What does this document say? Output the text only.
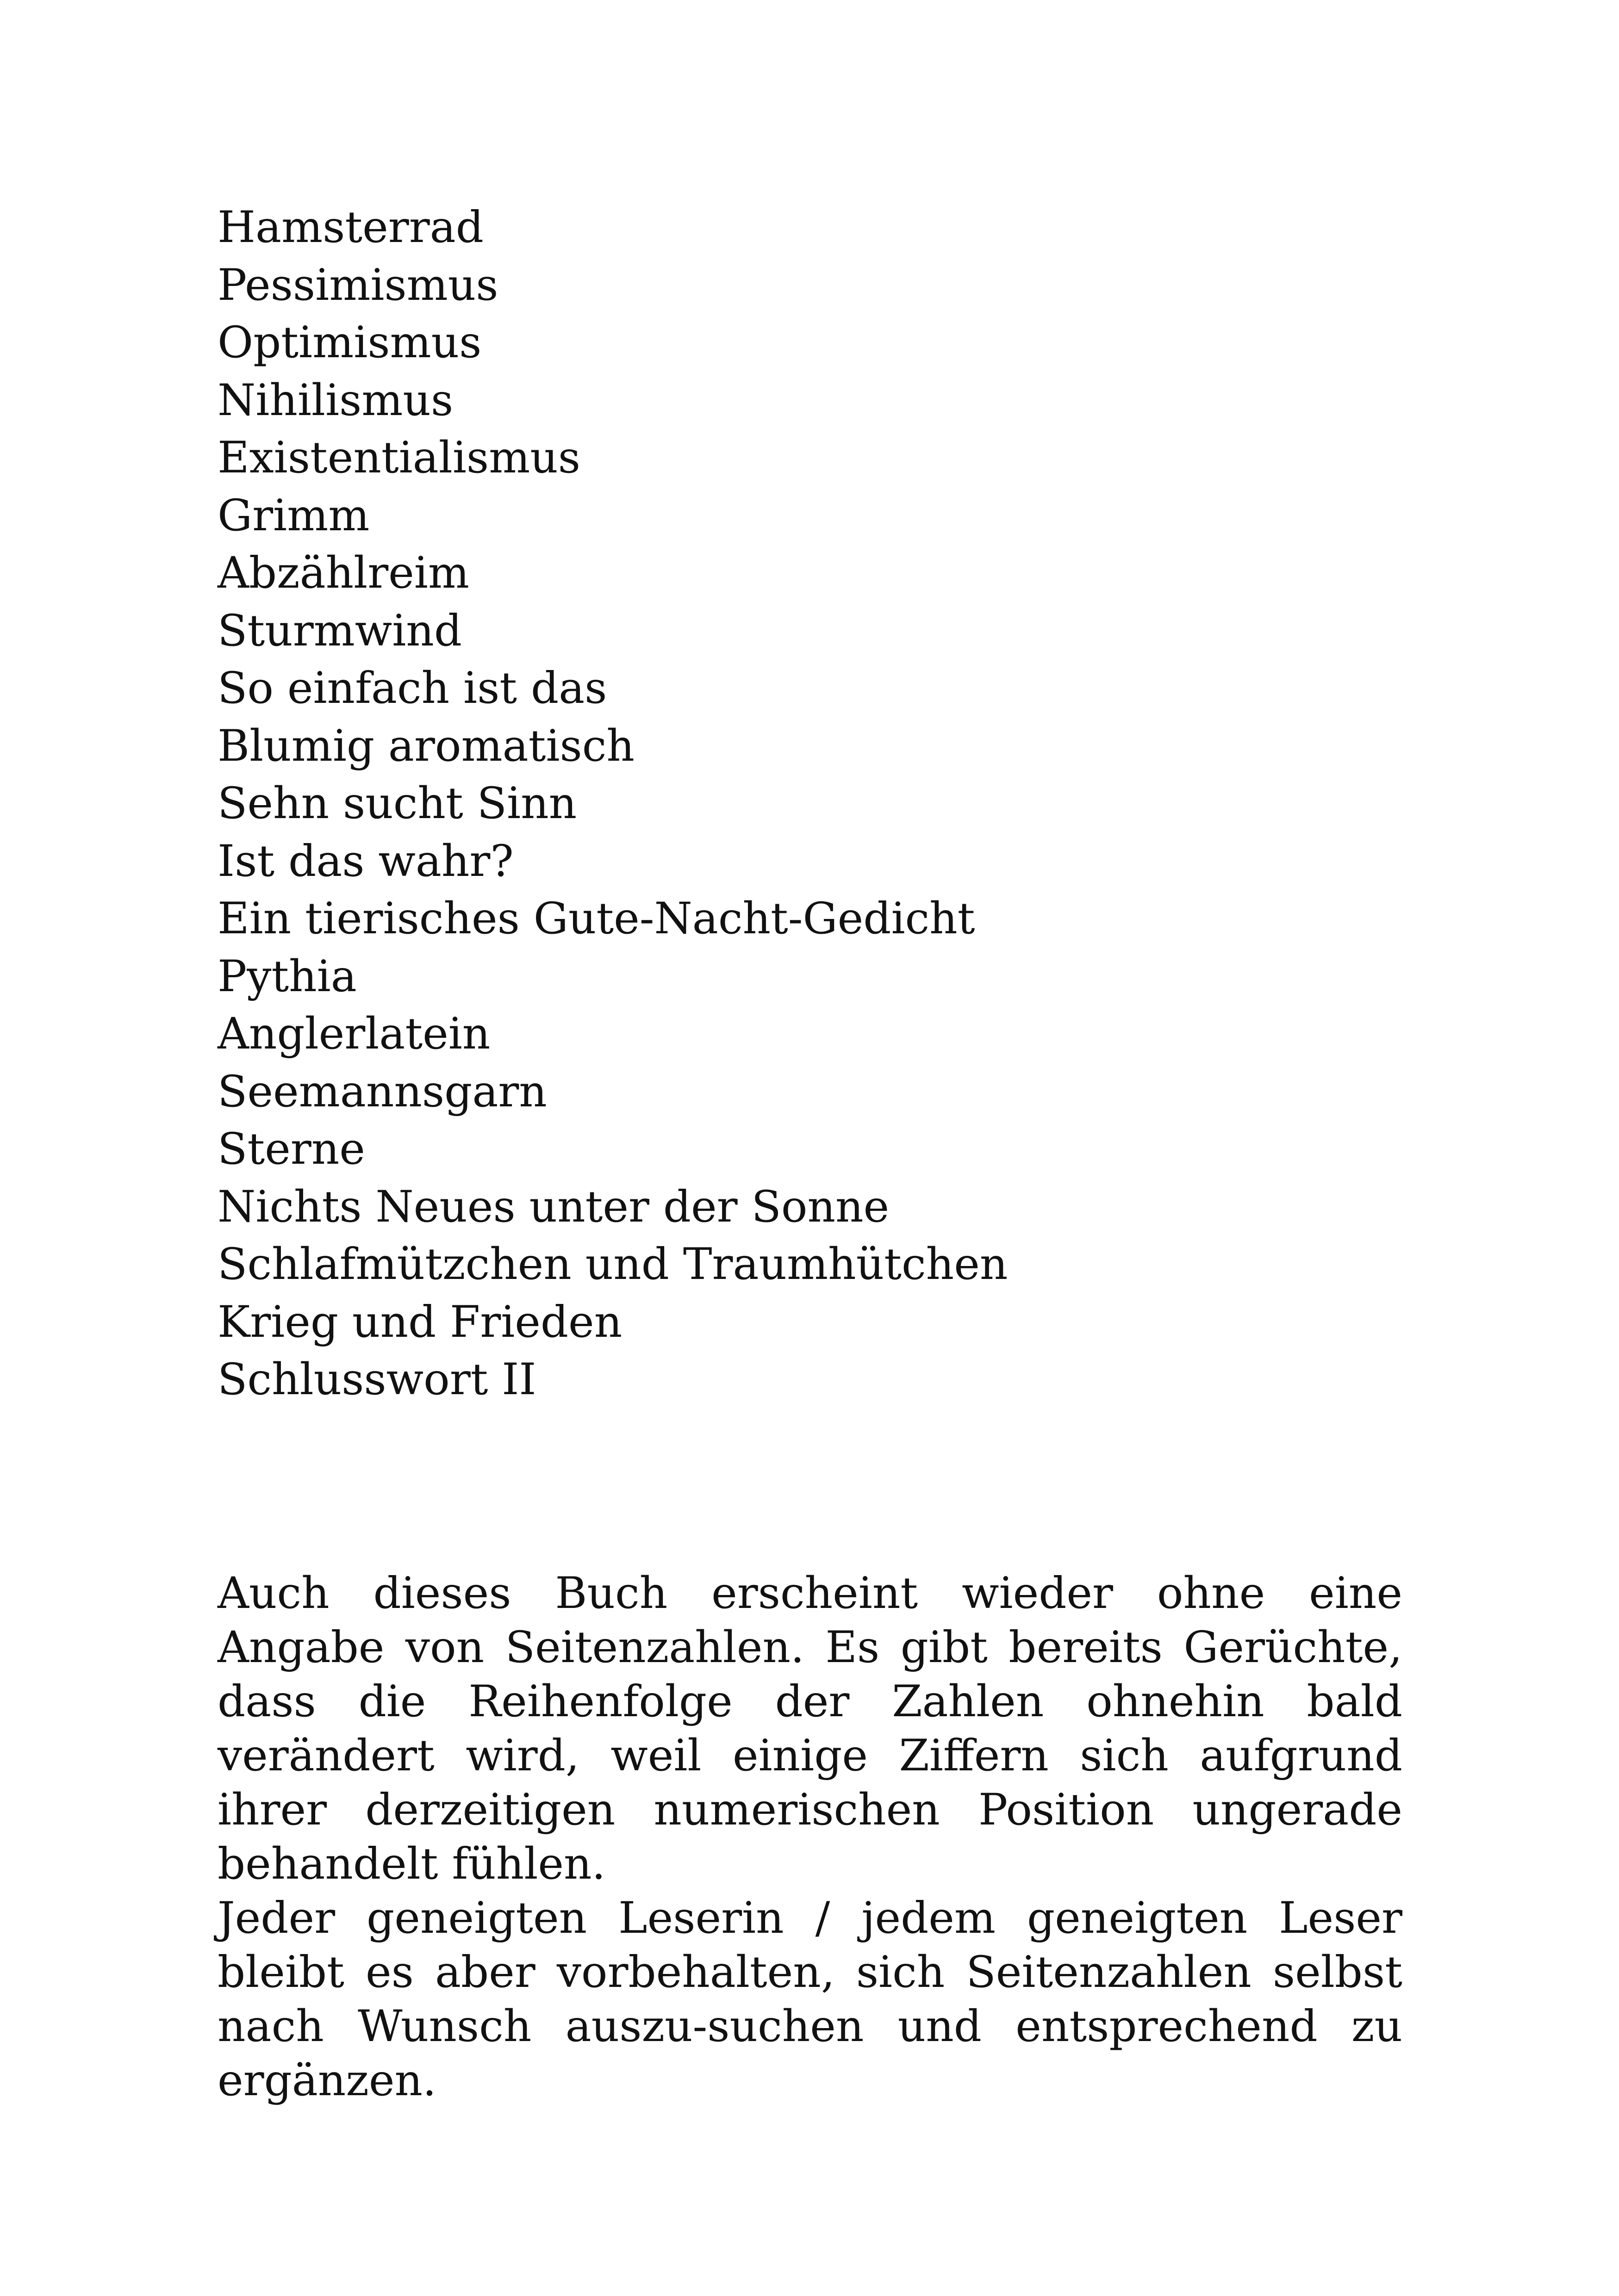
Hamsterrad
Pessimismus
Optimismus
Nihilismus
Existentialismus
Grimm
Abzählreim
Sturmwind
So einfach ist das
Blumig aromatisch
Sehn sucht Sinn
Ist das wahr?
Ein tierisches Gute-Nacht-Gedicht
Pythia
Anglerlatein
Seemannsgarn
Sterne
Nichts Neues unter der Sonne
Schlafmützchen und Traumhütchen
Krieg und Frieden
Schlusswort II

Auch dieses Buch erscheint wieder ohne eine Angabe von Seitenzahlen. Es gibt bereits Gerüchte, dass die Reihenfolge der Zahlen ohnehin bald verändert wird, weil einige Ziffern sich aufgrund ihrer derzeitigen numerischen Position ungerade behandelt fühlen.

Jeder geneigten Leserin / jedem geneigten Leser bleibt es aber vorbehalten, sich Seitenzahlen selbst nach Wunsch auszu-suchen und entsprechend zu ergänzen.
